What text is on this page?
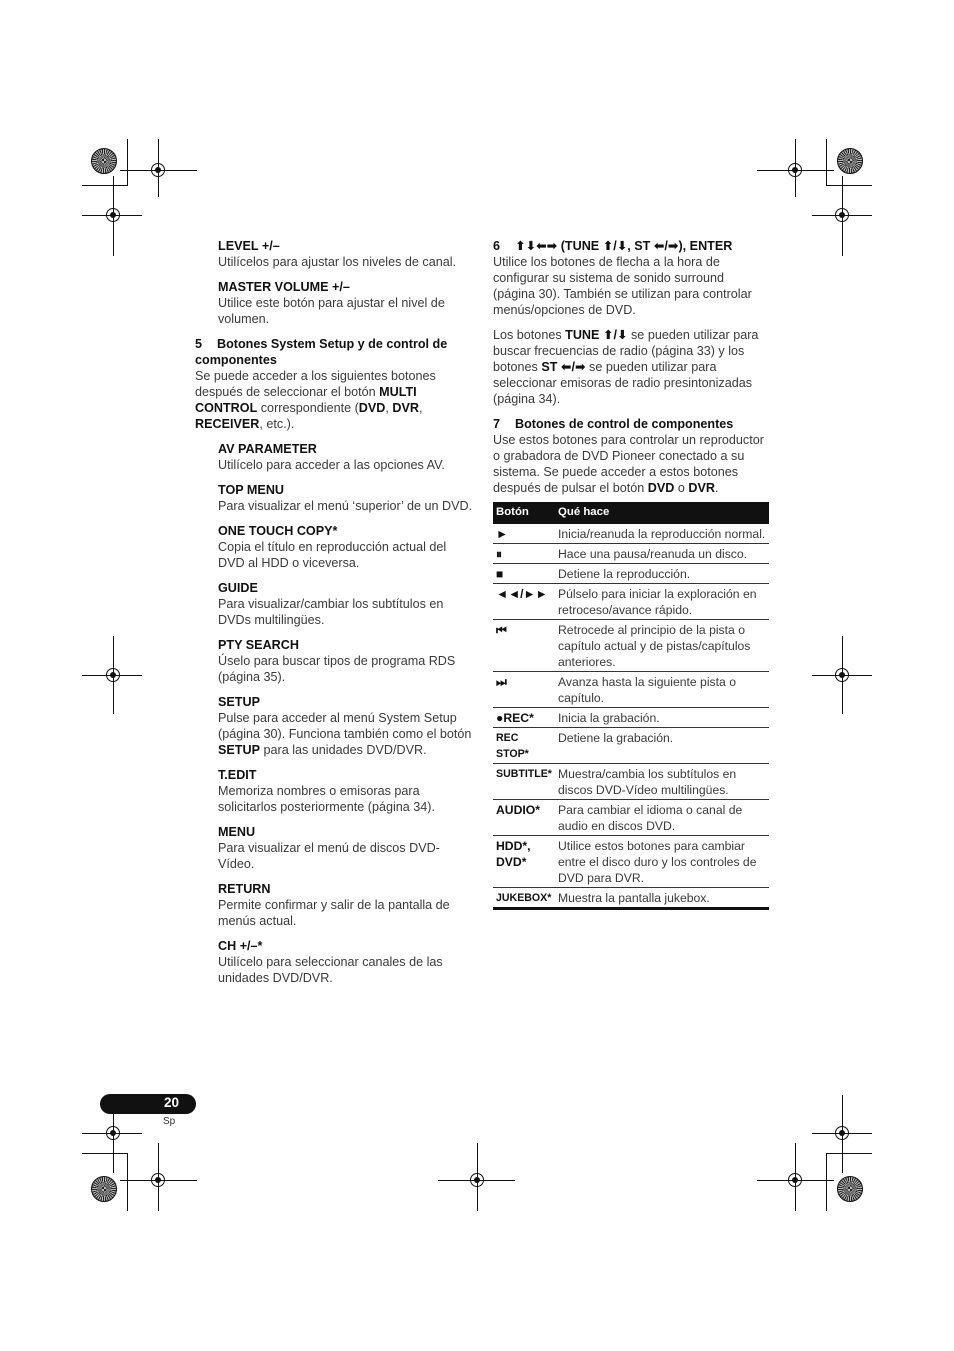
LEVEL +/–
Utilícelos para ajustar los niveles de canal.
MASTER VOLUME +/–
Utilice este botón para ajustar el nivel de volumen.
5 Botones System Setup y de control de componentes
Se puede acceder a los siguientes botones después de seleccionar el botón MULTI CONTROL correspondiente (DVD, DVR, RECEIVER, etc.).
AV PARAMETER
Utilícelo para acceder a las opciones AV.
TOP MENU
Para visualizar el menú ‘superior’ de un DVD.
ONE TOUCH COPY*
Copia el título en reproducción actual del DVD al HDD o viceversa.
GUIDE
Para visualizar/cambiar los subtítulos en DVDs multilingües.
PTY SEARCH
Úselo para buscar tipos de programa RDS (página 35).
SETUP
Pulse para acceder al menú System Setup (página 30). Funciona también como el botón SETUP para las unidades DVD/DVR.
T.EDIT
Memoriza nombres o emisoras para solicitarlos posteriormente (página 34).
MENU
Para visualizar el menú de discos DVD-Vídeo.
RETURN
Permite confirmar y salir de la pantalla de menús actual.
CH +/–*
Utilícelo para seleccionar canales de las unidades DVD/DVR.
6 ⬆⬇⬅➡ (TUNE ⬆/⬇, ST ⬅/➡), ENTER
Utilice los botones de flecha a la hora de configurar su sistema de sonido surround (página 30). También se utilizan para controlar menús/opciones de DVD.
Los botones TUNE ⬆/⬇ se pueden utilizar para buscar frecuencias de radio (página 33) y los botones ST ⬅/➡ se pueden utilizar para seleccionar emisoras de radio presintonizadas (página 34).
7 Botones de control de componentes
Use estos botones para controlar un reproductor o grabadora de DVD Pioneer conectado a su sistema. Se puede acceder a estos botones después de pulsar el botón DVD o DVR.
Botón	Qué hace
►	Inicia/reanuda la reproducción normal.
⏸	Hace una pausa/reanuda un disco.
■	Detiene la reproducción.
◄◄/►►	Púlselo para iniciar la exploración en retroceso/avance rápido.
⏮	Retrocede al principio de la pista o capítulo actual y de pistas/capítulos anteriores.
⏭	Avanza hasta la siguiente pista o capítulo.
●REC*	Inicia la grabación.
REC STOP*	Detiene la grabación.
SUBTITLE*	Muestra/cambia los subtítulos en discos DVD-Vídeo multilingües.
AUDIO*	Para cambiar el idioma o canal de audio en discos DVD.
HDD*, DVD*	Utilice estos botones para cambiar entre el disco duro y los controles de DVD para DVR.
JUKEBOX*	Muestra la pantalla jukebox.
20
Sp
